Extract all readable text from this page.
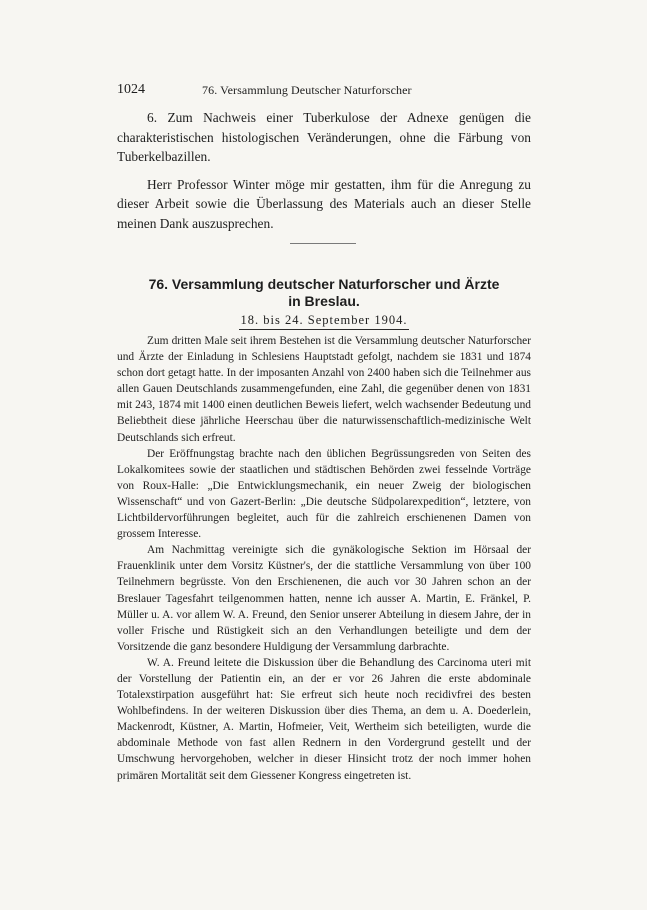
1024	76. Versammlung Deutscher Naturforscher

6. Zum Nachweis einer Tuberkulose der Adnexe genügen die charakteristischen histologischen Veränderungen, ohne die Färbung von Tuberkelbazillen.

Herr Professor Winter möge mir gestatten, ihm für die Anregung zu dieser Arbeit sowie die Überlassung des Materials auch an dieser Stelle meinen Dank auszusprechen.

76. Versammlung deutscher Naturforscher und Ärzte
in Breslau.
18. bis 24. September 1904.

Zum dritten Male seit ihrem Bestehen ist die Versammlung deutscher Naturforscher und Ärzte der Einladung in Schlesiens Hauptstadt gefolgt, nachdem sie 1831 und 1874 schon dort getagt hatte. In der imposanten Anzahl von 2400 haben sich die Teilnehmer aus allen Gauen Deutschlands zusammengefunden, eine Zahl, die gegenüber denen von 1831 mit 243, 1874 mit 1400 einen deutlichen Beweis liefert, welch wachsender Bedeutung und Beliebtheit diese jährliche Heerschau über die naturwissenschaftlich-medizinische Welt Deutschlands sich erfreut.

Der Eröffnungstag brachte nach den üblichen Begrüssungsreden von Seiten des Lokalkomitees sowie der staatlichen und städtischen Behörden zwei fesselnde Vorträge von Roux-Halle: „Die Entwicklungsmechanik, ein neuer Zweig der biologischen Wissenschaft“ und von Gazert-Berlin: „Die deutsche Südpolarexpedition“, letztere, von Lichtbildervorführungen begleitet, auch für die zahlreich erschienenen Damen von grossem Interesse.

Am Nachmittag vereinigte sich die gynäkologische Sektion im Hörsaal der Frauenklinik unter dem Vorsitz Küstner's, der die stattliche Versammlung von über 100 Teilnehmern begrüsste. Von den Erschienenen, die auch vor 30 Jahren schon an der Breslauer Tagesfahrt teilgenommen hatten, nenne ich ausser A. Martin, E. Fränkel, P. Müller u. A. vor allem W. A. Freund, den Senior unserer Abteilung in diesem Jahre, der in voller Frische und Rüstigkeit sich an den Verhandlungen beteiligte und dem der Vorsitzende die ganz besondere Huldigung der Versammlung darbrachte.

W. A. Freund leitete die Diskussion über die Behandlung des Carcinoma uteri mit der Vorstellung der Patientin ein, an der er vor 26 Jahren die erste abdominale Totalexstirpation ausgeführt hat: Sie erfreut sich heute noch recidivfrei des besten Wohlbefindens. In der weiteren Diskussion über dies Thema, an dem u. A. Doederlein, Mackenrodt, Küstner, A. Martin, Hofmeier, Veit, Wertheim sich beteiligten, wurde die abdominale Methode von fast allen Rednern in den Vordergrund gestellt und der Umschwung hervorgehoben, welcher in dieser Hinsicht trotz der noch immer hohen primären Mortalität seit dem Giessener Kongress eingetreten ist.
